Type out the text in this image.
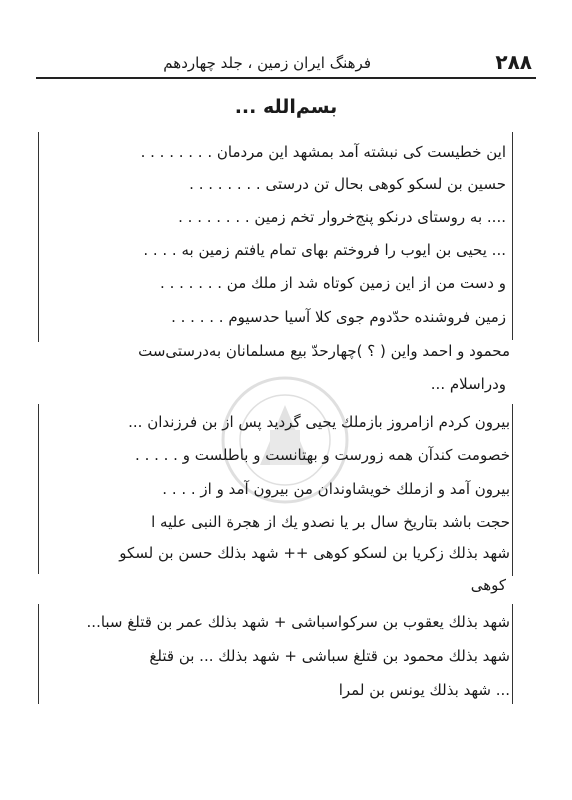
۲۸۸
فرهنگ ایران زمین ، جلد چهاردهم
بسم‌الله ...
این خطیست کی نبشته آمد بمشهد این مردمان . . . . . . . .
حسین بن لسکو کوهی بحال تن درستی . . . . . . . .
.... به روستای درنکو پنج‌خروار تخم زمین . . . . . . . .
... یحیی بن ایوب را فروختم بهای تمام یافتم زمین به . . . .
و دست من از این زمین کوتاه شد از ملك من . . . . . . .
زمین فروشنده حدّدوم جوی کلا آسیا حدسیوم . . . . . .
محمود و احمد واین ( ؟ )چهارحدّ بیع مسلمانان به‌درستی‌ست
ودراسلام ...
بیرون کردم ازامروز بازملك یحیی گردید پس از بن فرزندان ...
خصومت کندآن همه زورست و بهتانست و باطلست و . . . . .
بیرون آمد و ازملك خویشاوندان من بیرون آمد و از . . . .
حجت باشد بتاریخ سال بر یا نصدو یك از هجرة النبی علیه ا
شهد بذلك زکریا بن لسکو کوهی ++ شهد بذلك حسن بن لسکو
کوهی
شهد بذلك یعقوب بن سرکواسباشی + شهد بذلك عمر بن قتلغ سبا...
شهد بذلك محمود بن قتلغ سباشی + شهد بذلك ... بن قتلغ
... شهد بذلك یونس بن لمرا
